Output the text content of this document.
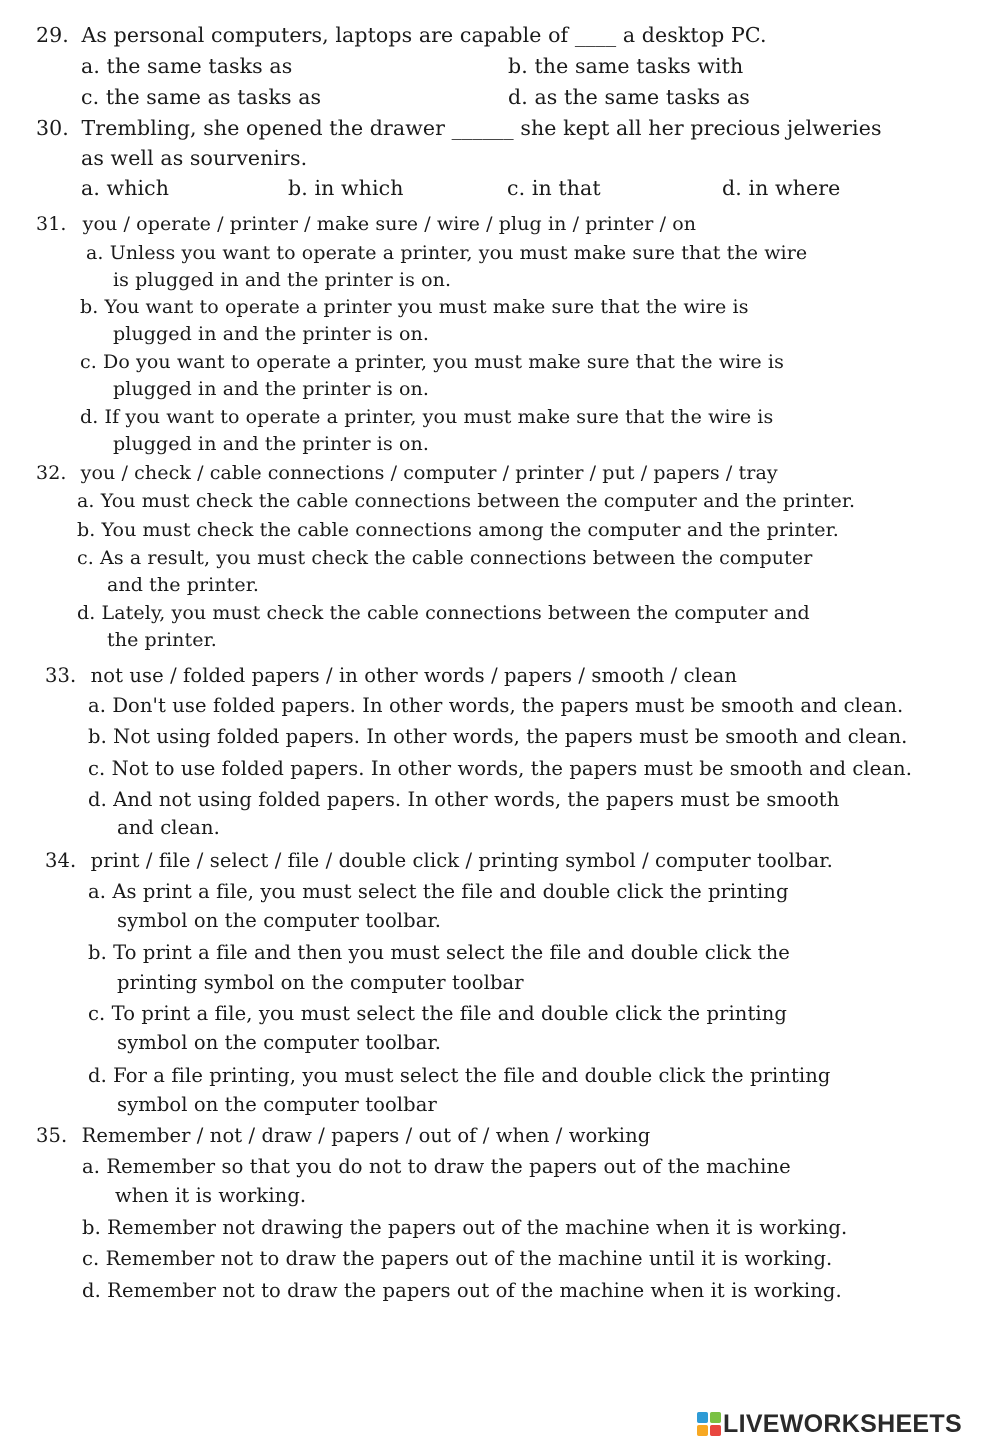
29. As personal computers, laptops are capable of ____ a desktop PC.
a. the same tasks as	b. the same tasks with
c. the same as tasks as	d. as the same tasks as
30. Trembling, she opened the drawer ______ she kept all her precious jelweries
as well as sourvenirs.
a. which	b. in which	c. in that	d. in where
31. you / operate / printer / make sure / wire / plug in / printer / on
a. Unless you want to operate a printer, you must make sure that the wire
is plugged in and the printer is on.
b. You want to operate a printer you must make sure that the wire is
plugged in and the printer is on.
c. Do you want to operate a printer, you must make sure that the wire is
plugged in and the printer is on.
d. If you want to operate a printer, you must make sure that the wire is
plugged in and the printer is on.
32. you / check / cable connections / computer / printer / put / papers / tray
a. You must check the cable connections between the computer and the printer.
b. You must check the cable connections among the computer and the printer.
c. As a result, you must check the cable connections between the computer
and the printer.
d. Lately, you must check the cable connections between the computer and
the printer.
33. not use / folded papers / in other words / papers / smooth / clean
a. Don't use folded papers. In other words, the papers must be smooth and clean.
b. Not using folded papers. In other words, the papers must be smooth and clean.
c. Not to use folded papers. In other words, the papers must be smooth and clean.
d. And not using folded papers. In other words, the papers must be smooth
and clean.
34. print / file / select / file / double click / printing symbol / computer toolbar.
a. As print a file, you must select the file and double click the printing
symbol on the computer toolbar.
b. To print a file and then you must select the file and double click the
printing symbol on the computer toolbar
c. To print a file, you must select the file and double click the printing
symbol on the computer toolbar.
d. For a file printing, you must select the file and double click the printing
symbol on the computer toolbar
35. Remember / not / draw / papers / out of / when / working
a. Remember so that you do not to draw the papers out of the machine
when it is working.
b. Remember not drawing the papers out of the machine when it is working.
c. Remember not to draw the papers out of the machine until it is working.
d. Remember not to draw the papers out of the machine when it is working.
LIVEWORKSHEETS
